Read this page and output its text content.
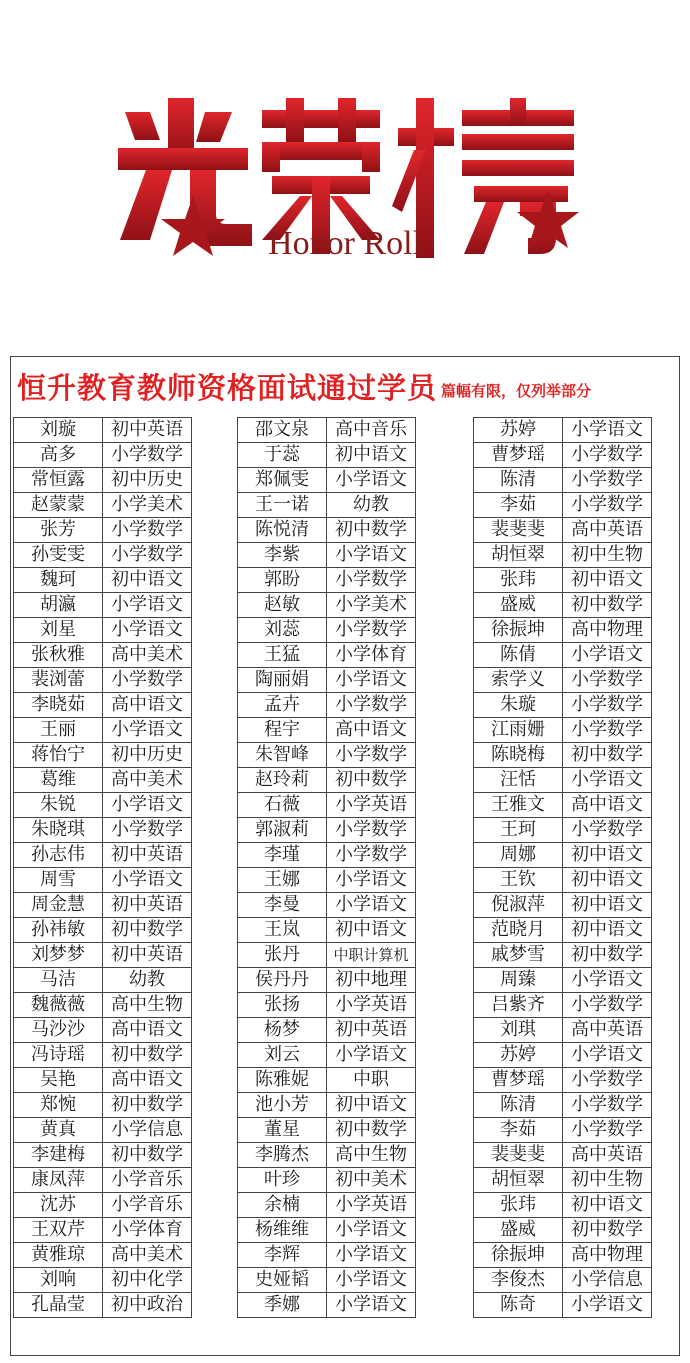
Honor Roll
恒升教育教师资格面试通过学员 篇幅有限，仅列举部分
刘璇	初中英语
高多	小学数学
常恒露	初中历史
赵蒙蒙	小学美术
张芳	小学数学
孙雯雯	小学数学
魏珂	初中语文
胡瀛	小学语文
刘星	小学语文
张秋雅	高中美术
裴浏蕾	小学数学
李晓茹	高中语文
王丽	小学语文
蒋怡宁	初中历史
葛维	高中美术
朱锐	小学语文
朱晓琪	小学数学
孙志伟	初中英语
周雪	小学语文
周金慧	初中英语
孙祎敏	初中数学
刘梦梦	初中英语
马洁	幼教
魏薇薇	高中生物
马沙沙	高中语文
冯诗瑶	初中数学
吴艳	高中语文
郑惋	初中数学
黄真	小学信息
李建梅	初中数学
康凤萍	小学音乐
沈苏	小学音乐
王双芹	小学体育
黄雅琼	高中美术
刘响	初中化学
孔晶莹	初中政治
邵文泉	高中音乐
于蕊	初中语文
郑佩雯	小学语文
王一诺	幼教
陈悦清	初中数学
李紫	小学语文
郭盼	小学数学
赵敏	小学美术
刘蕊	小学数学
王猛	小学体育
陶丽娟	小学语文
孟卉	小学数学
程宇	高中语文
朱智峰	小学数学
赵玲莉	初中数学
石薇	小学英语
郭淑莉	小学数学
李瑾	小学数学
王娜	小学语文
李曼	小学语文
王岚	初中语文
张丹	中职计算机
侯丹丹	初中地理
张扬	小学英语
杨梦	初中英语
刘云	小学语文
陈雅妮	中职
池小芳	初中语文
董星	初中数学
李腾杰	高中生物
叶珍	初中美术
余楠	小学英语
杨维维	小学语文
李辉	小学语文
史娅韬	小学语文
季娜	小学语文
苏婷	小学语文
曹梦瑶	小学数学
陈清	小学数学
李茹	小学数学
裴斐斐	高中英语
胡恒翠	初中生物
张玮	初中语文
盛威	初中数学
徐振坤	高中物理
陈倩	小学语文
索学义	小学数学
朱璇	小学数学
江雨姗	小学数学
陈晓梅	初中数学
汪恬	小学语文
王雅文	高中语文
王珂	小学数学
周娜	初中语文
王钦	初中语文
倪淑萍	初中语文
范晓月	初中语文
戚梦雪	初中数学
周臻	小学语文
吕紫齐	小学数学
刘琪	高中英语
苏婷	小学语文
曹梦瑶	小学数学
陈清	小学数学
李茹	小学数学
裴斐斐	高中英语
胡恒翠	初中生物
张玮	初中语文
盛威	初中数学
徐振坤	高中物理
李俊杰	小学信息
陈奇	小学语文
